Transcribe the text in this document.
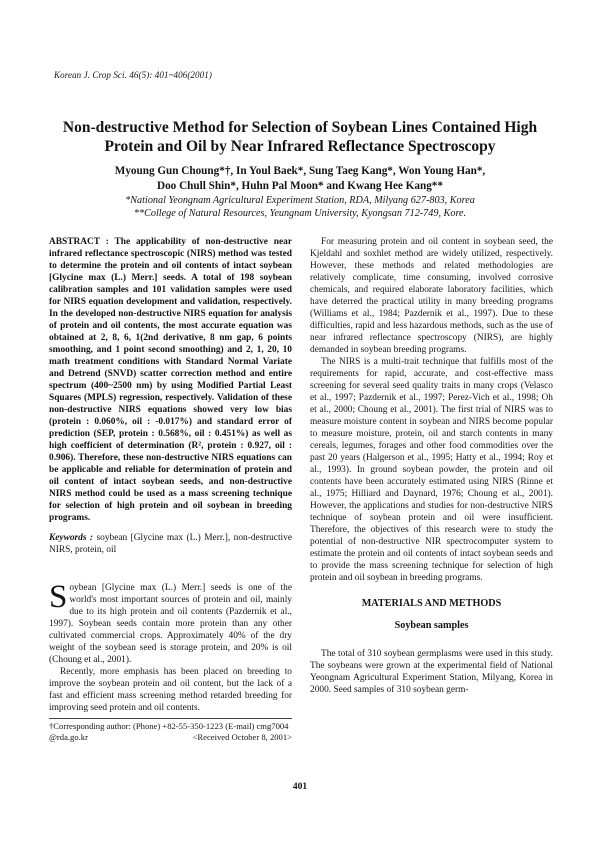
Korean J. Crop Sci. 46(5): 401~406(2001)
Non-destructive Method for Selection of Soybean Lines Contained High Protein and Oil by Near Infrared Reflectance Spectroscopy
Myoung Gun Choung*†, In Youl Baek*, Sung Taeg Kang*, Won Young Han*,
Doo Chull Shin*, Huhn Pal Moon* and Kwang Hee Kang**
*National Yeongnam Agricultural Experiment Station, RDA, Milyang 627-803, Korea
**College of Natural Resources, Yeungnam University, Kyongsan 712-749, Kore.

ABSTRACT : The applicability of non-destructive near infrared reflectance spectroscopic (NIRS) method was tested to determine the protein and oil contents of intact soybean [Glycine max (L.) Merr.] seeds. A total of 198 soybean calibration samples and 101 validation samples were used for NIRS equation development and validation, respectively. In the developed non-destructive NIRS equation for analysis of protein and oil contents, the most accurate equation was obtained at 2, 8, 6, 1(2nd derivative, 8 nm gap, 6 points smoothing, and 1 point second smoothing) and 2, 1, 20, 10 math treatment conditions with Standard Normal Variate and Detrend (SNVD) scatter correction method and entire spectrum (400~2500 nm) by using Modified Partial Least Squares (MPLS) regression, respectively. Validation of these non-destructive NIRS equations showed very low bias (protein : 0.060%, oil : -0.017%) and standard error of prediction (SEP, protein : 0.568%, oil : 0.451%) as well as high coefficient of determination (R², protein : 0.927, oil : 0.906). Therefore, these non-destructive NIRS equations can be applicable and reliable for determination of protein and oil content of intact soybean seeds, and non-destructive NIRS method could be used as a mass screening technique for selection of high protein and oil soybean in breeding programs.

Keywords : soybean [Glycine max (L.) Merr.], non-destructive NIRS, protein, oil

Soybean [Glycine max (L.) Merr.] seeds is one of the world's most important sources of protein and oil, mainly due to its high protein and oil contents (Pazdernik et al., 1997). Soybean seeds contain more protein than any other cultivated commercial crops. Approximately 40% of the dry weight of the soybean seed is storage protein, and 20% is oil (Choung et al., 2001).

Recently, more emphasis has been placed on breeding to improve the soybean protein and oil content, but the lack of a fast and efficient mass screening method retarded breeding for improving seed protein and oil contents.

†Corresponding author: (Phone) +82-55-350-1223 (E-mail) cmg7004
@rda.go.kr	<Received October 8, 2001>

For measuring protein and oil content in soybean seed, the Kjeldahl and soxhlet method are widely utilized, respectively. However, these methods and related methodologies are relatively complicate, time consuming, involved corrosive chemicals, and required elaborate laboratory facilities, which have deterred the practical utility in many breeding programs (Williams et al., 1984; Pazdernik et al., 1997). Due to these difficulties, rapid and less hazardous methods, such as the use of near infrared reflectance spectroscopy (NIRS), are highly demanded in soybean breeding programs.

The NIRS is a multi-trait technique that fulfills most of the requirements for rapid, accurate, and cost-effective mass screening for several seed quality traits in many crops (Velasco et al., 1997; Pazdernik et al., 1997; Perez-Vich et al., 1998; Oh et al., 2000; Choung et al., 2001). The first trial of NIRS was to measure moisture content in soybean and NIRS become popular to measure moisture, protein, oil and starch contents in many cereals, legumes, forages and other food commodities over the past 20 years (Halgerson et al., 1995; Hatty et al., 1994; Roy et al., 1993). In ground soybean powder, the protein and oil contents have been accurately estimated using NIRS (Rinne et al., 1975; Hilliard and Daynard, 1976; Choung et al., 2001). However, the applications and studies for non-destructive NIRS technique of soybean protein and oil were insufficient. Therefore, the objectives of this research were to study the potential of non-destructive NIR spectrocomputer system to estimate the protein and oil contents of intact soybean seeds and to provide the mass screening technique for selection of high protein and oil soybean in breeding programs.

MATERIALS AND METHODS
Soybean samples

The total of 310 soybean germplasms were used in this study. The soybeans were grown at the experimental field of National Yeongnam Agricultural Experiment Station, Milyang, Korea in 2000. Seed samples of 310 soybean germ-

401
